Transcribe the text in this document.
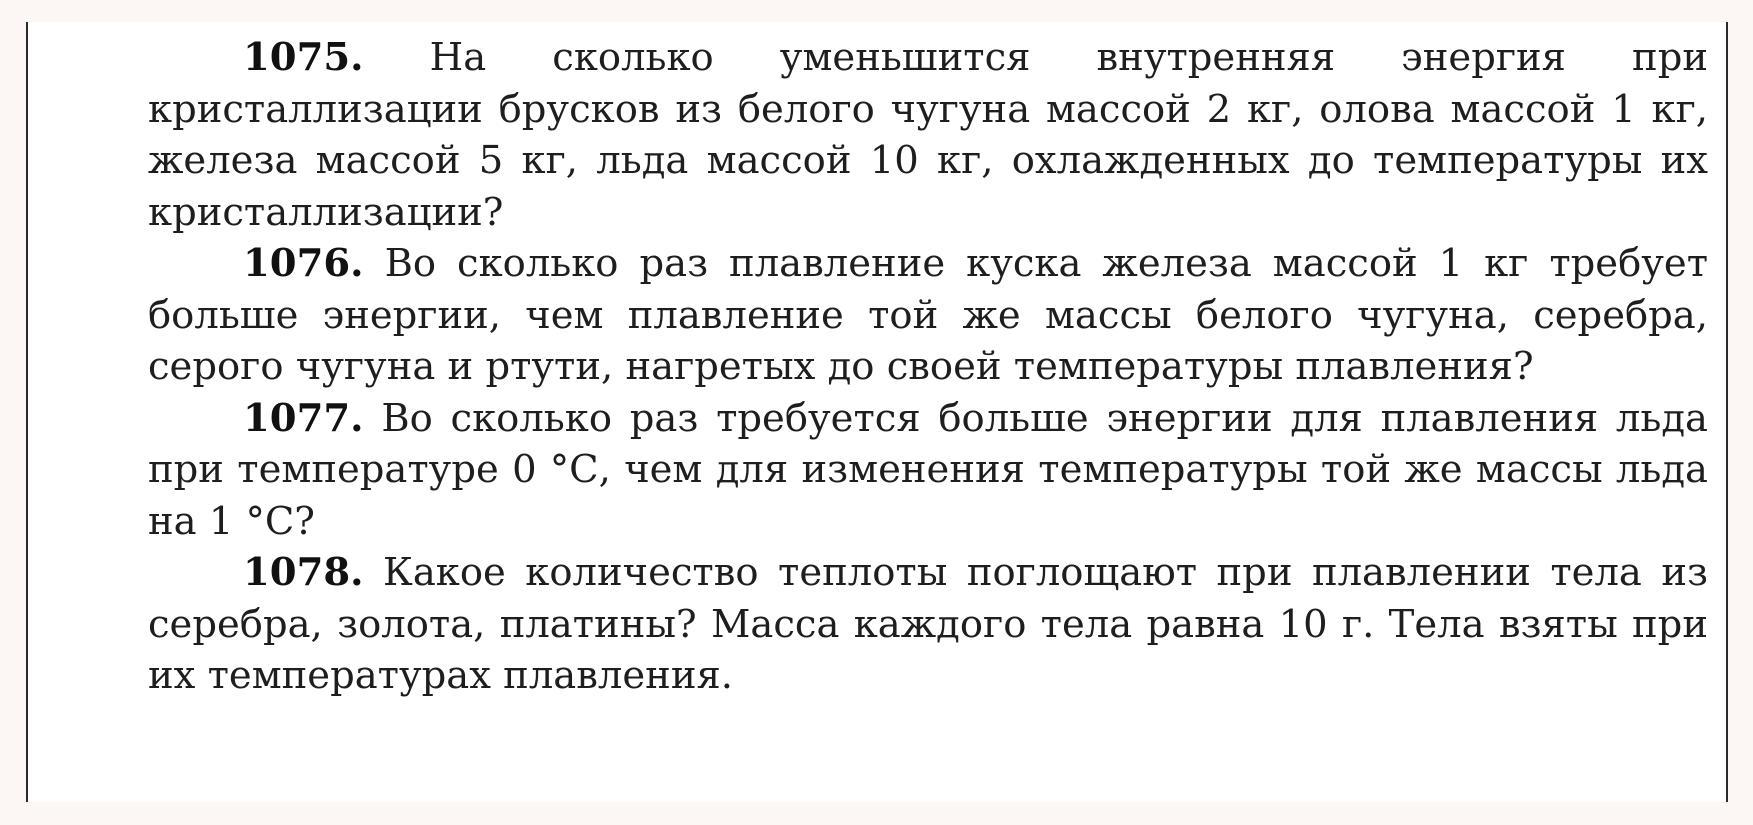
1075. На сколько уменьшится внутренняя энергия при кристаллизации брусков из белого чугуна массой 2 кг, олова массой 1 кг, железа массой 5 кг, льда массой 10 кг, охлажденных до температуры их кристаллизации?

1076. Во сколько раз плавление куска железа массой 1 кг требует больше энергии, чем плавление той же массы белого чугуна, серебра, серого чугуна и ртути, нагретых до своей температуры плавления?

1077. Во сколько раз требуется больше энергии для плавления льда при температуре 0 °С, чем для изменения температуры той же массы льда на 1 °С?

1078. Какое количество теплоты поглощают при плавлении тела из серебра, золота, платины? Масса каждого тела равна 10 г. Тела взяты при их температурах плавления.
